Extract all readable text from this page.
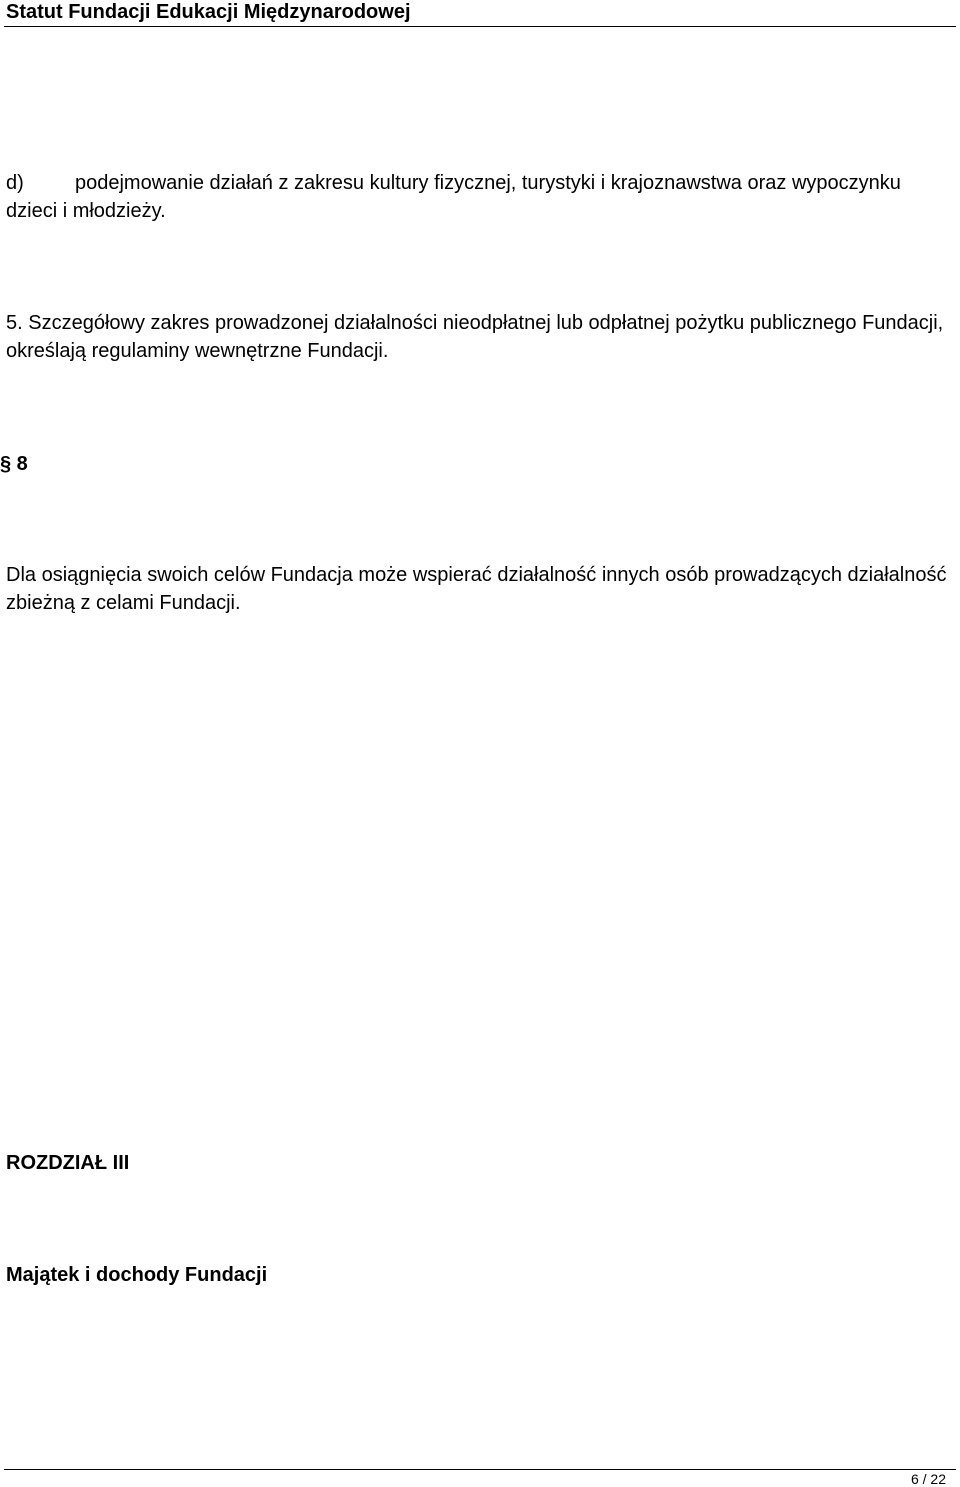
Statut Fundacji Edukacji Międzynarodowej

d)	podejmowanie działań z zakresu kultury fizycznej, turystyki i krajoznawstwa oraz wypoczynku dzieci i młodzieży.

5. Szczegółowy zakres prowadzonej działalności nieodpłatnej lub odpłatnej pożytku publicznego Fundacji, określają regulaminy wewnętrzne Fundacji.

§ 8

Dla osiągnięcia swoich celów Fundacja może wspierać działalność innych osób prowadzących działalność zbieżną z celami Fundacji.

ROZDZIAŁ III

Majątek i dochody Fundacji

6 / 22
